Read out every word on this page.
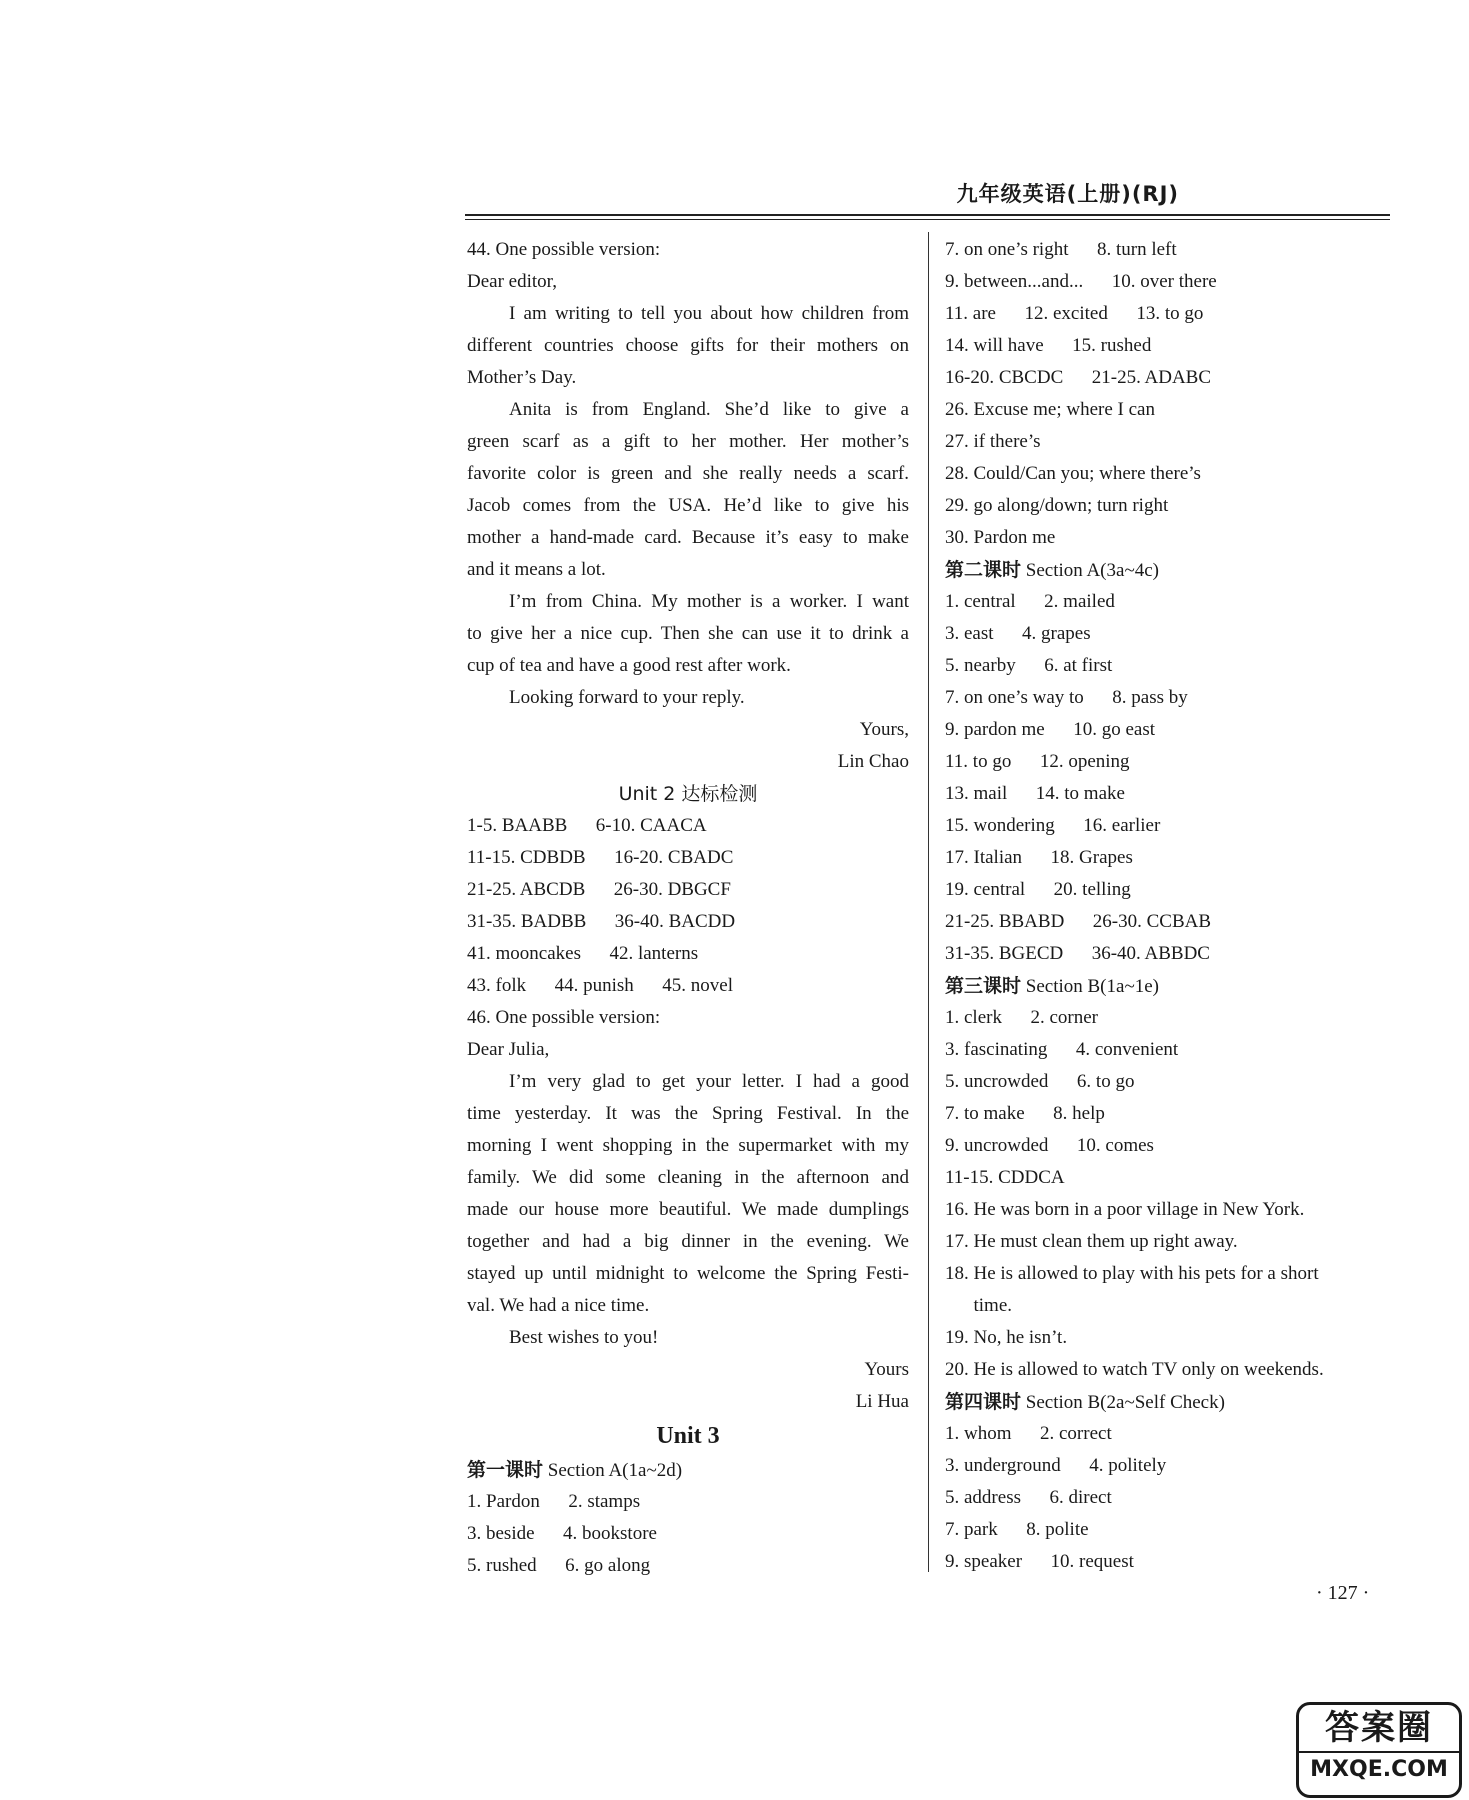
九年级英语(上册)(RJ)
44. One possible version:
Dear editor,
I am writing to tell you about how children from
different countries choose gifts for their mothers on
Mother’s Day.
Anita is from England. She’d like to give a
green scarf as a gift to her mother. Her mother’s
favorite color is green and she really needs a scarf.
Jacob comes from the USA. He’d like to give his
mother a hand-made card. Because it’s easy to make
and it means a lot.
I’m from China. My mother is a worker. I want
to give her a nice cup. Then she can use it to drink a
cup of tea and have a good rest after work.
Looking forward to your reply.
Yours,
Lin Chao
Unit 2 达标检测
1-5. BAABB      6-10. CAACA
11-15. CDBDB      16-20. CBADC
21-25. ABCDB      26-30. DBGCF
31-35. BADBB      36-40. BACDD
41. mooncakes      42. lanterns
43. folk      44. punish      45. novel
46. One possible version:
Dear Julia,
I’m very glad to get your letter. I had a good
time yesterday. It was the Spring Festival. In the
morning I went shopping in the supermarket with my
family. We did some cleaning in the afternoon and
made our house more beautiful. We made dumplings
together and had a big dinner in the evening. We
stayed up until midnight to welcome the Spring Festi-
val. We had a nice time.
Best wishes to you!
Yours
Li Hua
Unit 3
第一课时 Section A(1a~2d)
1. Pardon      2. stamps
3. beside      4. bookstore
5. rushed      6. go along
7. on one’s right      8. turn left
9. between...and...      10. over there
11. are      12. excited      13. to go
14. will have      15. rushed
16-20. CBCDC      21-25. ADABC
26. Excuse me; where I can
27. if there’s
28. Could/Can you; where there’s
29. go along/down; turn right
30. Pardon me
第二课时 Section A(3a~4c)
1. central      2. mailed
3. east      4. grapes
5. nearby      6. at first
7. on one’s way to      8. pass by
9. pardon me      10. go east
11. to go      12. opening
13. mail      14. to make
15. wondering      16. earlier
17. Italian      18. Grapes
19. central      20. telling
21-25. BBABD      26-30. CCBAB
31-35. BGECD      36-40. ABBDC
第三课时 Section B(1a~1e)
1. clerk      2. corner
3. fascinating      4. convenient
5. uncrowded      6. to go
7. to make      8. help
9. uncrowded      10. comes
11-15. CDDCA
16. He was born in a poor village in New York.
17. He must clean them up right away.
18. He is allowed to play with his pets for a short
time.
19. No, he isn’t.
20. He is allowed to watch TV only on weekends.
第四课时 Section B(2a~Self Check)
1. whom      2. correct
3. underground      4. politely
5. address      6. direct
7. park      8. polite
9. speaker      10. request
· 127 ·
答案圈
MXQE.COM
